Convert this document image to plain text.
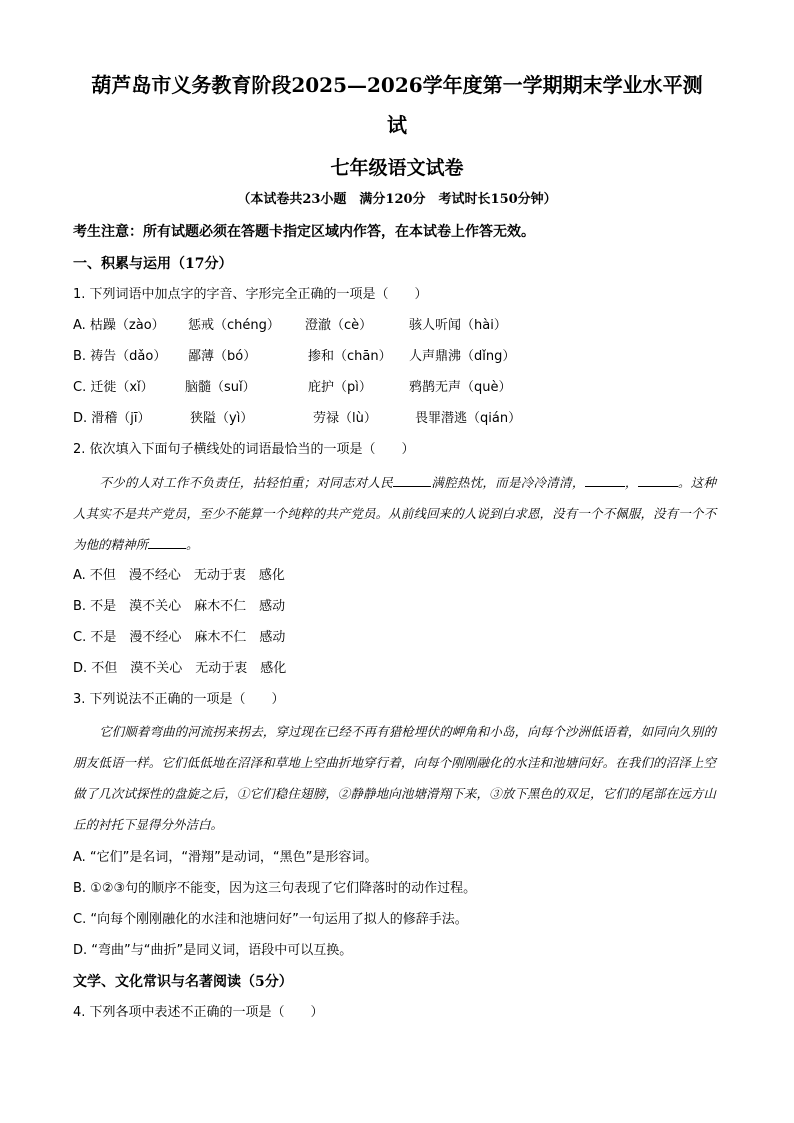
葫芦岛市义务教育阶段2025—2026学年度第一学期期末学业水平测
试
七年级语文试卷
（本试卷共23小题　满分120分　考试时长150分钟）
考生注意：所有试题必须在答题卡指定区域内作答，在本试卷上作答无效。
一、积累与运用（17分）
1. 下列词语中加点字的字音、字形完全正确的一项是（　　）
A. 枯躁（zào） 惩戒（chéng） 澄澈（cè）	骇人听闻（hài）
B. 祷告（dǎo） 鄙薄（bó）	掺和（chān） 人声鼎沸（dǐng）
C. 迁徙（xǐ） 脑髓（suǐ）	庇护（pì）	鸦鹊无声（què）
D. 滑稽（jī）	狭隘（yì）	劳禄（lù）	畏罪潜逃（qián）
2. 依次填入下面句子横线处的词语最恰当的一项是（　　）
不少的人对工作不负责任，拈轻怕重；对同志对人民	满腔热忱，而是冷冷清清，	，	。这种人其实不是共产党员，至少不能算一个纯粹的共产党员。从前线回来的人说到白求恩，没有一个不佩服，没有一个不为他的精神所	。
A. 不但　漫不经心　无动于衷　感化
B. 不是　漠不关心　麻木不仁　感动
C. 不是　漫不经心　麻木不仁　感动
D. 不但　漠不关心　无动于衷　感化
3. 下列说法不正确的一项是（　　）
它们顺着弯曲的河流拐来拐去，穿过现在已经不再有猎枪埋伏的岬角和小岛，向每个沙洲低语着，如同向久别的朋友低语一样。它们低低地在沼泽和草地上空曲折地穿行着，向每个刚刚融化的水洼和池塘问好。在我们的沼泽上空做了几次试探性的盘旋之后，①它们稳住翅膀，②静静地向池塘滑翔下来，③放下黑色的双足，它们的尾部在远方山丘的衬托下显得分外洁白。
A. “它们”是名词，“滑翔”是动词，“黑色”是形容词。
B. ①②③句的顺序不能变，因为这三句表现了它们降落时的动作过程。
C. “向每个刚刚融化的水洼和池塘问好”一句运用了拟人的修辞手法。
D. “弯曲”与“曲折”是同义词，语段中可以互换。
文学、文化常识与名著阅读（5分）
4. 下列各项中表述不正确的一项是（　　）
